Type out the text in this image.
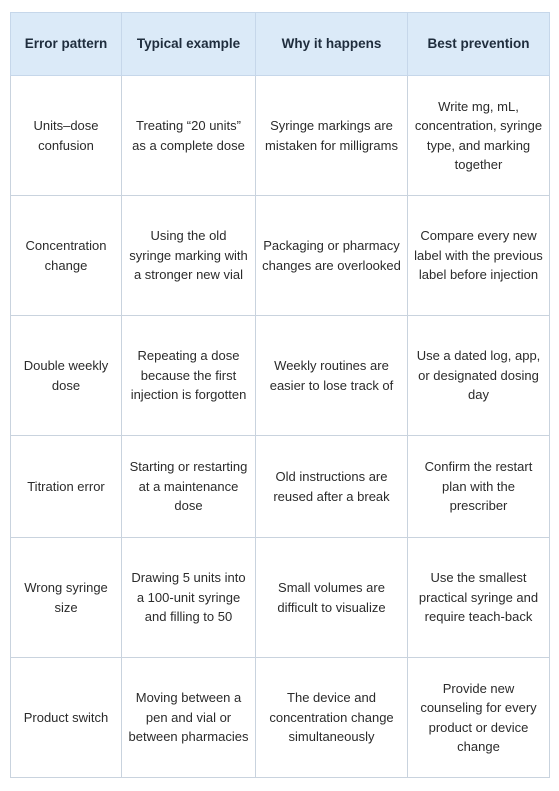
Error pattern	Typical example	Why it happens	Best prevention
Units–dose confusion	Treating “20 units” as a complete dose	Syringe markings are mistaken for milligrams	Write mg, mL, concentration, syringe type, and marking together
Concentration change	Using the old syringe marking with a stronger new vial	Packaging or pharmacy changes are overlooked	Compare every new label with the previous label before injection
Double weekly dose	Repeating a dose because the first injection is forgotten	Weekly routines are easier to lose track of	Use a dated log, app, or designated dosing day
Titration error	Starting or restarting at a maintenance dose	Old instructions are reused after a break	Confirm the restart plan with the prescriber
Wrong syringe size	Drawing 5 units into a 100-unit syringe and filling to 50	Small volumes are difficult to visualize	Use the smallest practical syringe and require teach-back
Product switch	Moving between a pen and vial or between pharmacies	The device and concentration change simultaneously	Provide new counseling for every product or device change
